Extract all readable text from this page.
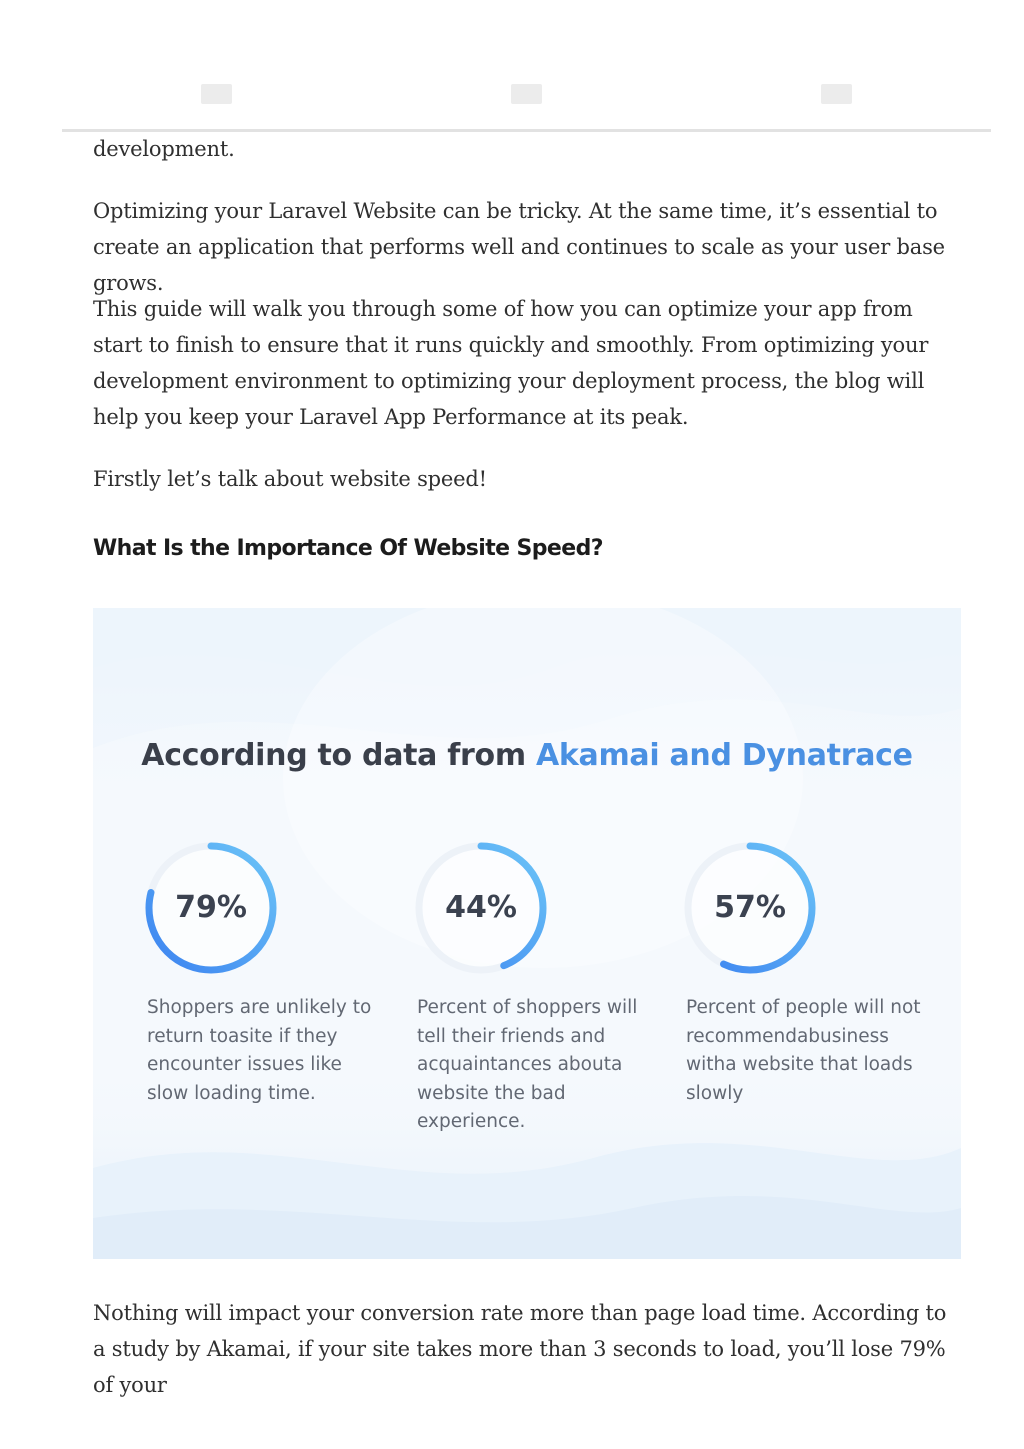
development.

Optimizing your Laravel Website can be tricky. At the same time, it’s essential to create an application that performs well and continues to scale as your user base grows.

This guide will walk you through some of how you can optimize your app from start to finish to ensure that it runs quickly and smoothly. From optimizing your development environment to optimizing your deployment process, the blog will help you keep your Laravel App Performance at its peak.

Firstly let’s talk about website speed!

What Is the Importance Of Website Speed?
According to data from Akamai and Dynatrace
79%
Shoppers are unlikely to return toasite if they encounter issues like slow loading time.
44%
Percent of shoppers will tell their friends and acquaintances abouta website the bad experience.
57%
Percent of people will not recommendabusiness witha website that loads slowly

Nothing will impact your conversion rate more than page load time. According to a study by Akamai, if your site takes more than 3 seconds to load, you’ll lose 79% of your
